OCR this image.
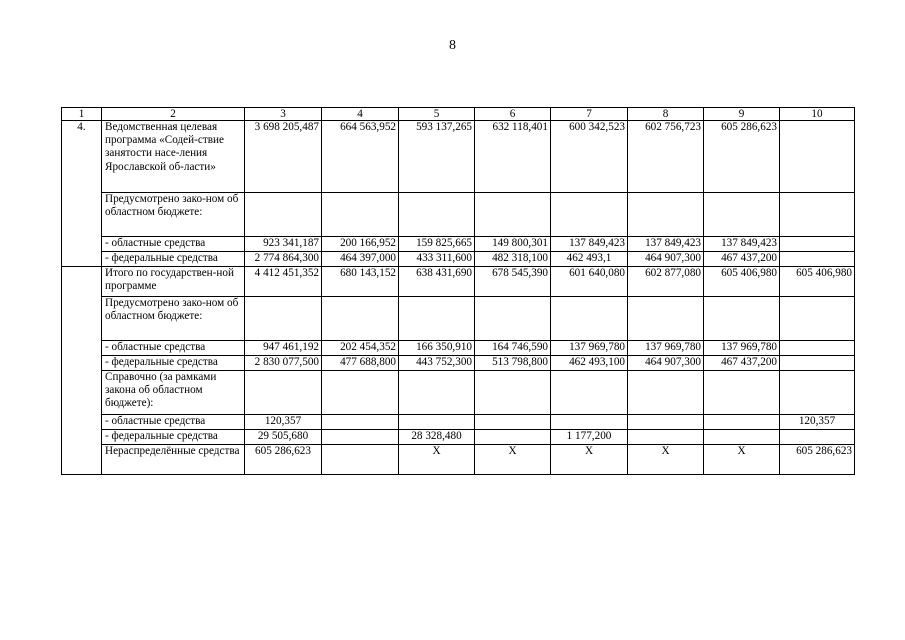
8
1	2	3	4	5	6	7	8	9	10
4.	Ведомственная целевая программа «Содей-ствие занятости насе-ления Ярославской об-ласти»	3 698 205,487	664 563,952	593 137,265	632 118,401	600 342,523	602 756,723	605 286,623	
	Предусмотрено зако-ном об областном бюджете:								
	- областные средства	923 341,187	200 166,952	159 825,665	149 800,301	137 849,423	137 849,423	137 849,423	
	- федеральные средства	2 774 864,300	464 397,000	433 311,600	482 318,100	462 493,1	464 907,300	467 437,200	
	Итого по государствен-ной программе	4 412 451,352	680 143,152	638 431,690	678 545,390	601 640,080	602 877,080	605 406,980	605 406,980
	Предусмотрено зако-ном об областном бюджете:								
	- областные средства	947 461,192	202 454,352	166 350,910	164 746,590	137 969,780	137 969,780	137 969,780	
	- федеральные средства	2 830 077,500	477 688,800	443 752,300	513 798,800	462 493,100	464 907,300	467 437,200	
	Справочно (за рамками закона об областном бюджете):								
	- областные средства	120,357							120,357
	- федеральные средства	29 505,680		28 328,480		1 177,200			
	Нераспределённые средства	605 286,623		X	X	X	X	X	605 286,623
